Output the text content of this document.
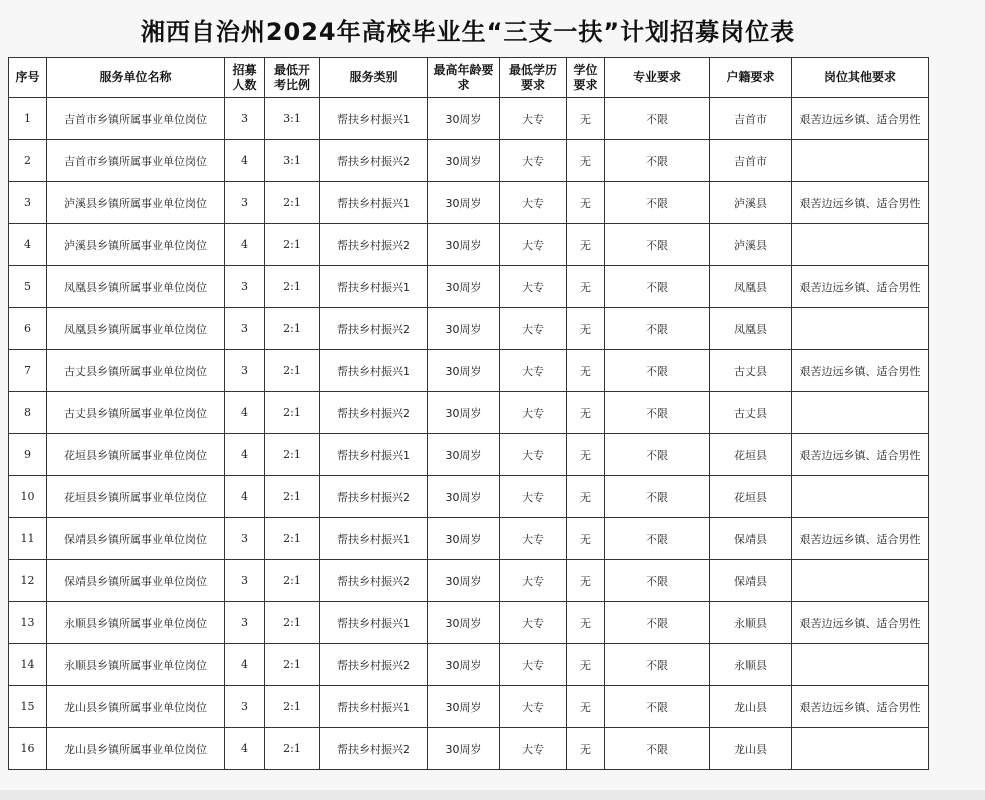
湘西自治州2024年高校毕业生“三支一扶”计划招募岗位表
序号	服务单位名称	招募人数	最低开考比例	服务类别	最高年龄要求	最低学历要求	学位要求	专业要求	户籍要求	岗位其他要求
1	吉首市乡镇所属事业单位岗位	3	3:1	帮扶乡村振兴1	30周岁	大专	无	不限	吉首市	艰苦边远乡镇、适合男性
2	吉首市乡镇所属事业单位岗位	4	3:1	帮扶乡村振兴2	30周岁	大专	无	不限	吉首市	
3	泸溪县乡镇所属事业单位岗位	3	2:1	帮扶乡村振兴1	30周岁	大专	无	不限	泸溪县	艰苦边远乡镇、适合男性
4	泸溪县乡镇所属事业单位岗位	4	2:1	帮扶乡村振兴2	30周岁	大专	无	不限	泸溪县	
5	凤凰县乡镇所属事业单位岗位	3	2:1	帮扶乡村振兴1	30周岁	大专	无	不限	凤凰县	艰苦边远乡镇、适合男性
6	凤凰县乡镇所属事业单位岗位	3	2:1	帮扶乡村振兴2	30周岁	大专	无	不限	凤凰县	
7	古丈县乡镇所属事业单位岗位	3	2:1	帮扶乡村振兴1	30周岁	大专	无	不限	古丈县	艰苦边远乡镇、适合男性
8	古丈县乡镇所属事业单位岗位	4	2:1	帮扶乡村振兴2	30周岁	大专	无	不限	古丈县	
9	花垣县乡镇所属事业单位岗位	4	2:1	帮扶乡村振兴1	30周岁	大专	无	不限	花垣县	艰苦边远乡镇、适合男性
10	花垣县乡镇所属事业单位岗位	4	2:1	帮扶乡村振兴2	30周岁	大专	无	不限	花垣县	
11	保靖县乡镇所属事业单位岗位	3	2:1	帮扶乡村振兴1	30周岁	大专	无	不限	保靖县	艰苦边远乡镇、适合男性
12	保靖县乡镇所属事业单位岗位	3	2:1	帮扶乡村振兴2	30周岁	大专	无	不限	保靖县	
13	永顺县乡镇所属事业单位岗位	3	2:1	帮扶乡村振兴1	30周岁	大专	无	不限	永顺县	艰苦边远乡镇、适合男性
14	永顺县乡镇所属事业单位岗位	4	2:1	帮扶乡村振兴2	30周岁	大专	无	不限	永顺县	
15	龙山县乡镇所属事业单位岗位	3	2:1	帮扶乡村振兴1	30周岁	大专	无	不限	龙山县	艰苦边远乡镇、适合男性
16	龙山县乡镇所属事业单位岗位	4	2:1	帮扶乡村振兴2	30周岁	大专	无	不限	龙山县	
